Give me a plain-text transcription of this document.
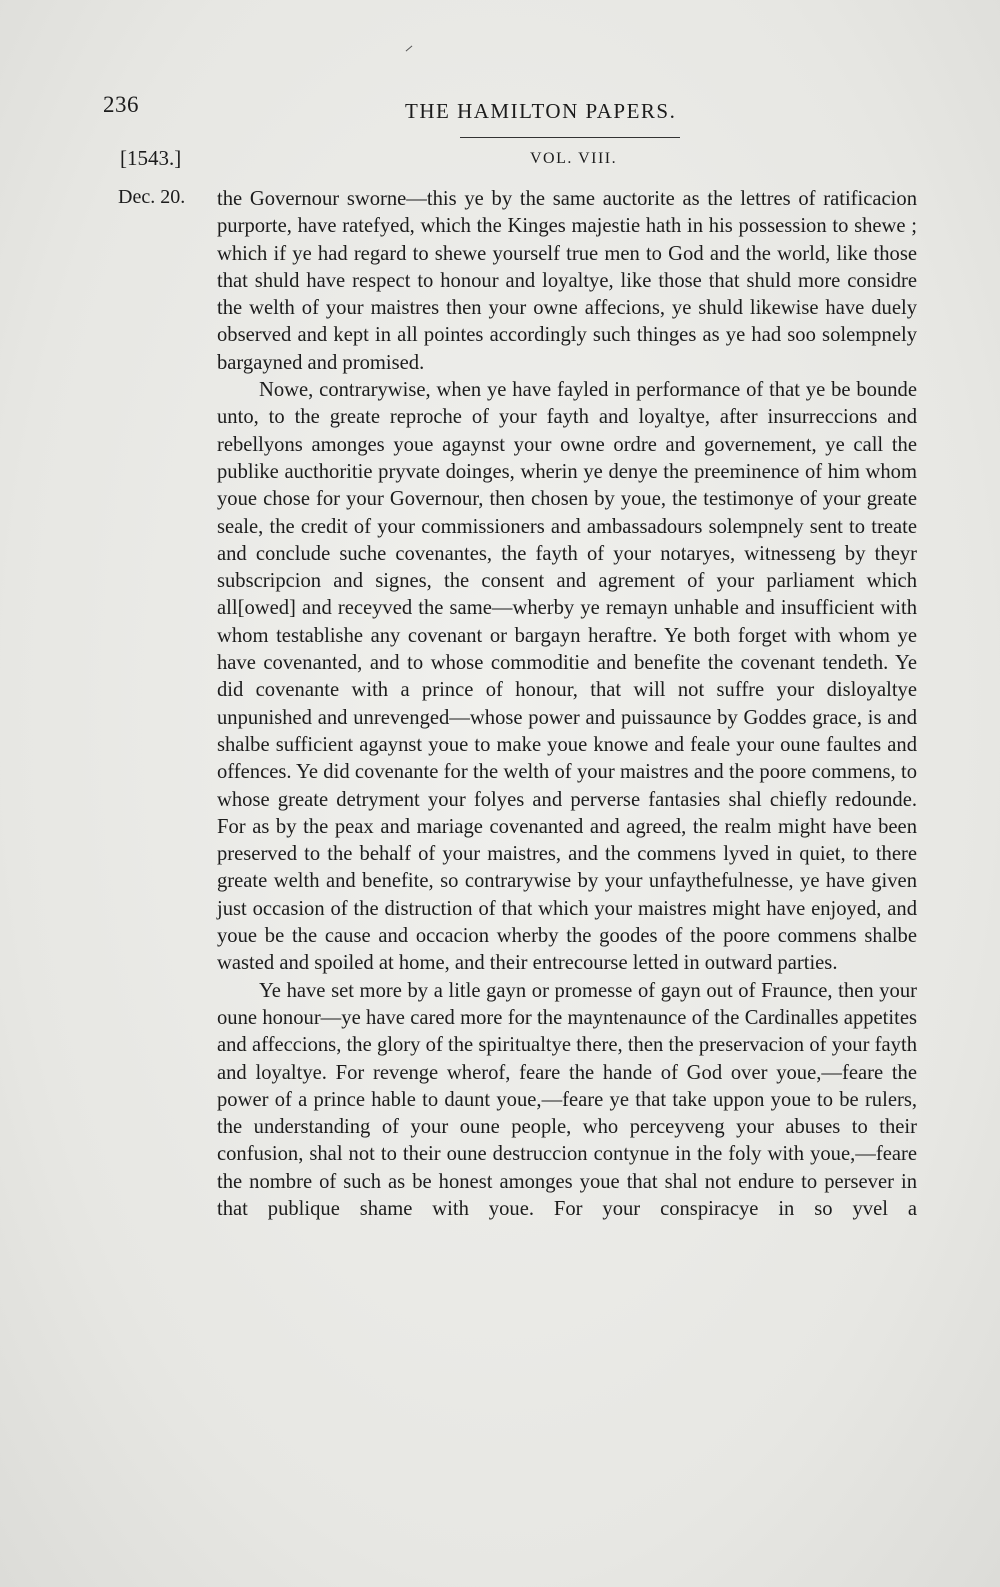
236	THE HAMILTON PAPERS.
[1543.]	VOL. VIII.
Dec. 20. the Governour sworne—this ye by the same auctorite as the lettres of ratificacion purporte, have ratefyed, which the Kinges majestie hath in his possession to shewe ; which if ye had regard to shewe yourself true men to God and the world, like those that shuld have respect to honour and loyaltye, like those that shuld more considre the welth of your maistres then your owne affecions, ye shuld likewise have duely observed and kept in all pointes accordingly such thinges as ye had soo solempnely bargayned and promised.

Nowe, contrarywise, when ye have fayled in performance of that ye be bounde unto, to the greate reproche of your fayth and loyaltye, after insurreccions and rebellyons amonges youe agaynst your owne ordre and governement, ye call the publike aucthoritie pryvate doinges, wherin ye denye the preeminence of him whom youe chose for your Governour, then chosen by youe, the testimonye of your greate seale, the credit of your commissioners and ambassadours solempnely sent to treate and conclude suche covenantes, the fayth of your notaryes, witnesseng by theyr subscripcion and signes, the consent and agrement of your parliament which all[owed] and receyved the same—wherby ye remayn unhable and insufficient with whom testablishe any covenant or bargayn heraftre. Ye both forget with whom ye have covenanted, and to whose commoditie and benefite the covenant tendeth. Ye did covenante with a prince of honour, that will not suffre your disloyaltye unpunished and unrevenged—whose power and puissaunce by Goddes grace, is and shalbe sufficient agaynst youe to make youe knowe and feale your oune faultes and offences. Ye did covenante for the welth of your maistres and the poore commens, to whose greate detryment your folyes and perverse fantasies shal chiefly redounde. For as by the peax and mariage covenanted and agreed, the realm might have been preserved to the behalf of your maistres, and the commens lyved in quiet, to there greate welth and benefite, so contrarywise by your unfaythefulnesse, ye have given just occasion of the distruction of that which your maistres might have enjoyed, and youe be the cause and occacion wherby the goodes of the poore commens shalbe wasted and spoiled at home, and their entrecourse letted in outward parties.

Ye have set more by a litle gayn or promesse of gayn out of Fraunce, then your oune honour—ye have cared more for the mayntenaunce of the Cardinalles appetites and affeccions, the glory of the spiritualtye there, then the preservacion of your fayth and loyaltye. For revenge wherof, feare the hande of God over youe,—feare the power of a prince hable to daunt youe,—feare ye that take uppon youe to be rulers, the understanding of your oune people, who perceyveng your abuses to their confusion, shal not to their oune destruccion contynue in the foly with youe,—feare the nombre of such as be honest amonges youe that shal not endure to persever in that publique shame with youe. For your conspiracye in so yvel a
